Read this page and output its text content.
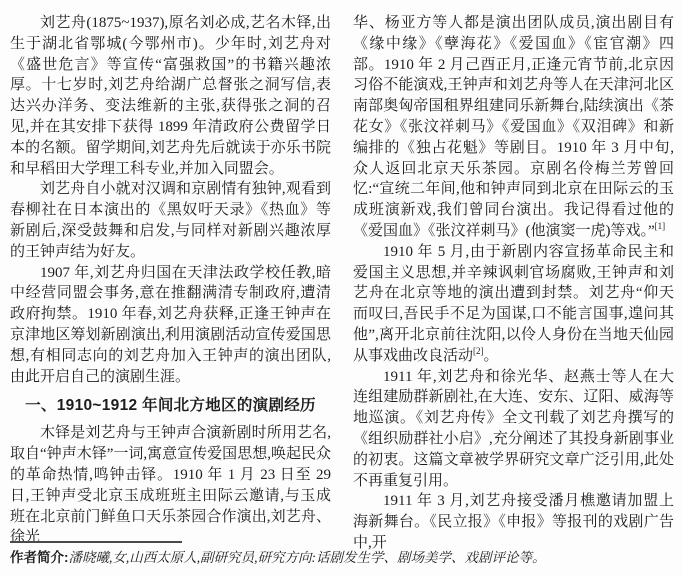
刘艺舟(1875~1937),原名刘必成,艺名木铎,出生于湖北省鄂城(今鄂州市)。少年时,刘艺舟对《盛世危言》等宣传“富强救国”的书籍兴趣浓厚。十七岁时,刘艺舟给湖广总督张之洞写信,表达兴办洋务、变法维新的主张,获得张之洞的召见,并在其安排下获得 1899 年清政府公费留学日本的名额。留学期间,刘艺舟先后就读于亦乐书院和早稻田大学理工科专业,并加入同盟会。

刘艺舟自小就对汉调和京剧情有独钟,观看到春柳社在日本演出的《黑奴吁天录》《热血》等新剧后,深受鼓舞和启发,与同样对新剧兴趣浓厚的王钟声结为好友。

1907 年,刘艺舟归国在天津法政学校任教,暗中经营同盟会事务,意在推翻满清专制政府,遭清政府拘禁。1910 年春,刘艺舟获释,正逢王钟声在京津地区筹划新剧演出,利用演剧活动宣传爱国思想,有相同志向的刘艺舟加入王钟声的演出团队,由此开启自己的演剧生涯。

一、1910~1912 年间北方地区的演剧经历

木铎是刘艺舟与王钟声合演新剧时所用艺名,取自“钟声木铎”一词,寓意宣传爱国思想,唤起民众的革命热情,鸣钟击铎。1910 年 1 月 23 日至 29 日,王钟声受北京玉成班班主田际云邀请,与玉成班在北京前门鲜鱼口天乐茶园合作演出,刘艺舟、徐光

华、杨亚方等人都是演出团队成员,演出剧目有《缘中缘》《孽海花》《爱国血》《宦官潮》四部。1910 年 2 月己酉正月,正逢元宵节前,北京因习俗不能演戏,王钟声和刘艺舟等人在天津河北区南部奥匈帝国租界组建同乐新舞台,陆续演出《茶花女》《张汶祥刺马》《爱国血》《双泪碑》和新编排的《独占花魁》等剧目。1910 年 3 月中旬,众人返回北京天乐茶园。京剧名伶梅兰芳曾回忆:“宣统二年间,他和钟声同到北京在田际云的玉成班演新戏,我们曾同台演出。我记得看过他的《爱国血》《张汶祥刺马》(他演窦一虎)等戏。”[1]

1910 年 5 月,由于新剧内容宣扬革命民主和爱国主义思想,并辛辣讽刺官场腐败,王钟声和刘艺舟在北京等地的演出遭到封禁。刘艺舟“仰天而叹曰,吾民手不足为国谋,口不能言国事,遑问其他”,离开北京前往沈阳,以伶人身份在当地天仙园从事戏曲改良活动[2]。

1911 年,刘艺舟和徐光华、赵燕士等人在大连组建励群新剧社,在大连、安东、辽阳、威海等地巡演。《刘艺舟传》全文刊载了刘艺舟撰写的《组织励群社小启》,充分阐述了其投身新剧事业的初衷。这篇文章被学界研究文章广泛引用,此处不再重复引用。

1911 年 3 月,刘艺舟接受潘月樵邀请加盟上海新舞台。《民立报》《申报》等报刊的戏剧广告中,开

作者简介:潘晓曦,女,山西太原人,副研究员,研究方向:话剧发生学、剧场美学、戏剧评论等。
